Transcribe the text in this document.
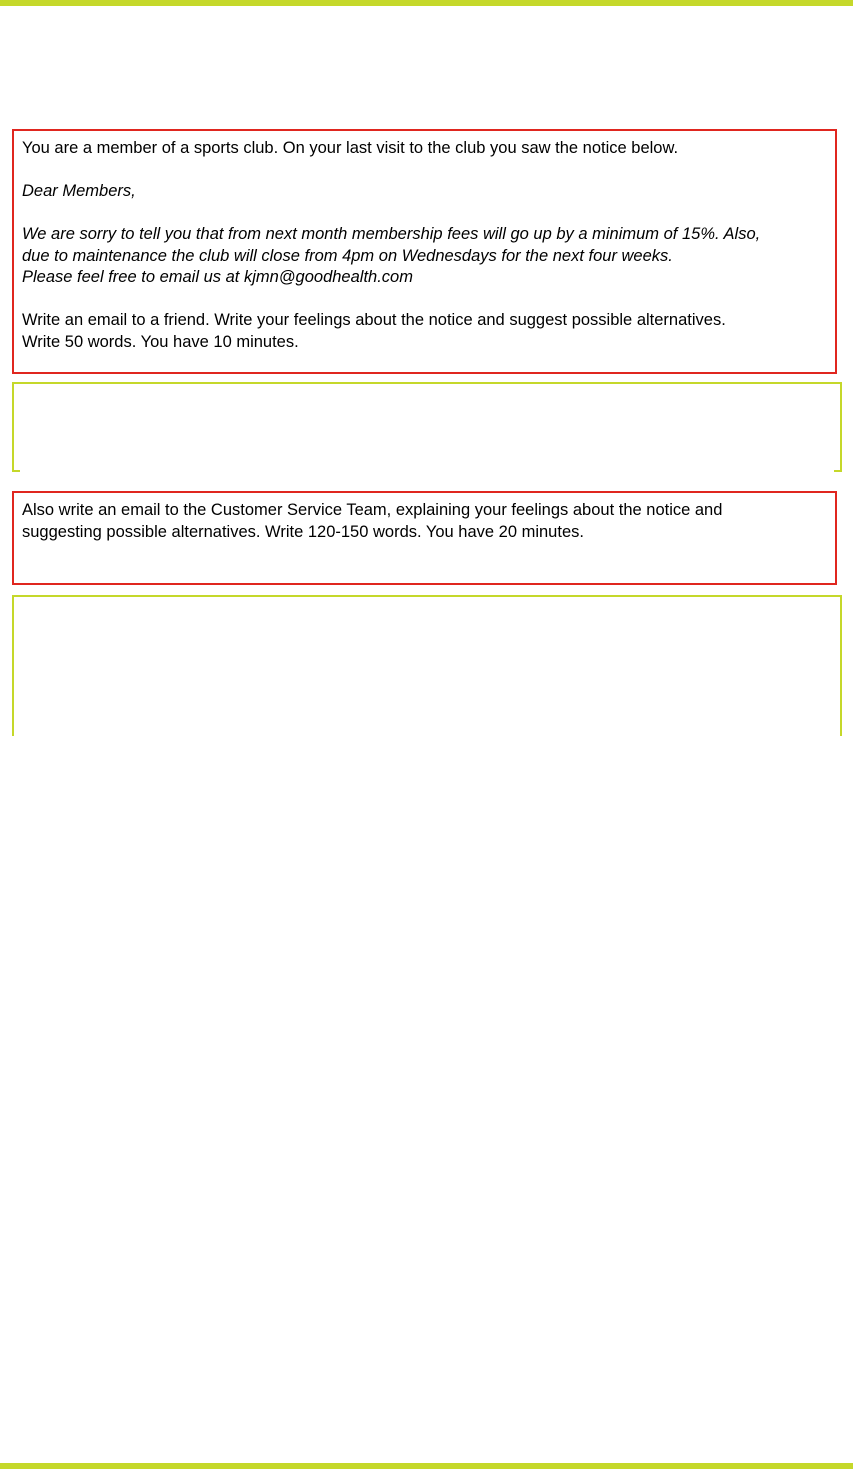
You are a member of a sports club. On your last visit to the club you saw the notice below.

Dear Members,

We are sorry to tell you that from next month membership fees will go up by a minimum of 15%. Also,

due to maintenance the club will close from 4pm on Wednesdays for the next four weeks.

Please feel free to email us at kjmn@goodhealth.com

Write an email to a friend. Write your feelings about the notice and suggest possible alternatives.

Write 50 words. You have 10 minutes.

Also write an email to the Customer Service Team, explaining your feelings about the notice and

suggesting possible alternatives. Write 120-150 words. You have 20 minutes.
